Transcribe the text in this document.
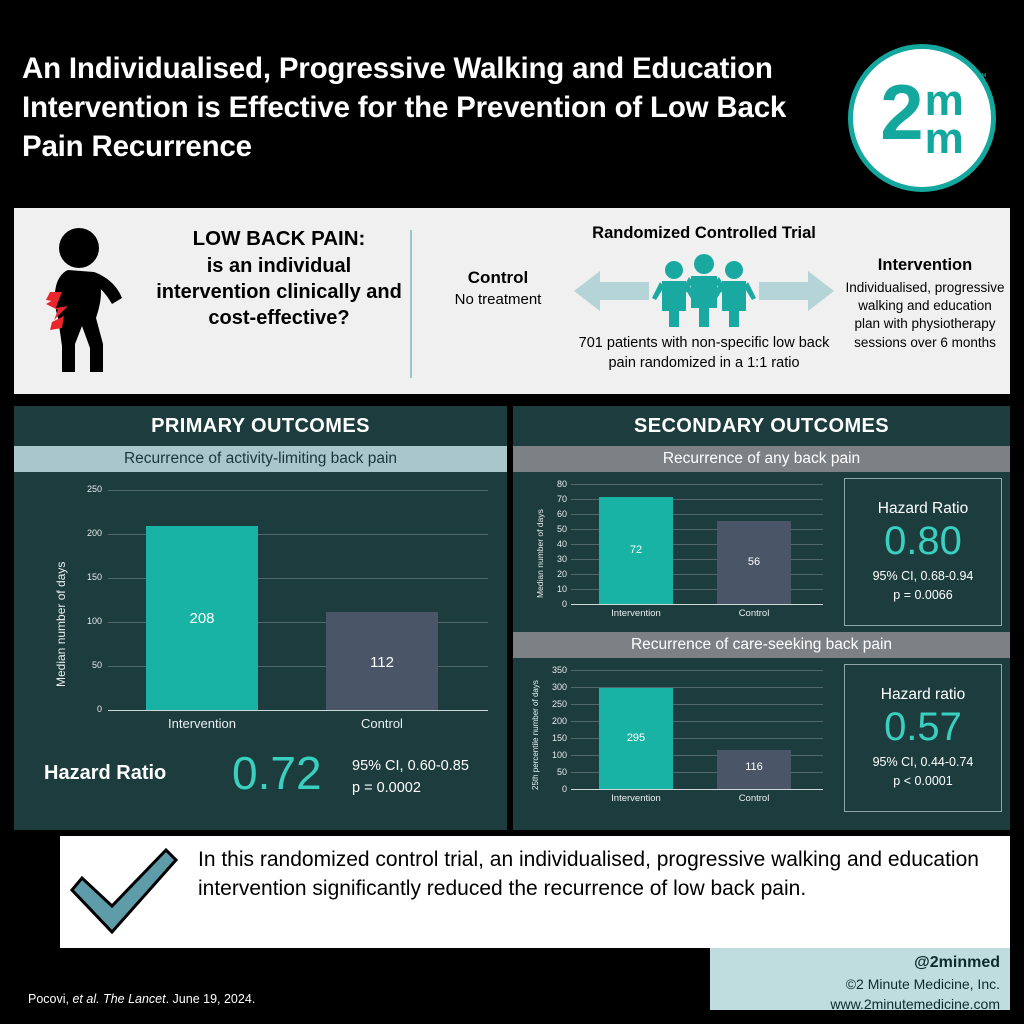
An Individualised, Progressive Walking and Education Intervention is Effective for the Prevention of Low Back Pain Recurrence	2 m
m
™
LOW BACK PAIN:
is an individual intervention clinically and cost-effective?
Randomized Controlled Trial
Control
No treatment
701 patients with non-specific low back pain randomized in a 1:1 ratio
Intervention
Individualised, progressive walking and education plan with physiotherapy sessions over 6 months
PRIMARY OUTCOMES
Recurrence of activity-limiting back pain
250
200
150
100
50
0
Median number of days	208
112
Intervention	Control
Hazard Ratio 0.72 95% CI, 0.60-0.85
p = 0.0002
SECONDARY OUTCOMES
Recurrence of any back pain
80
70
60
50
40
30
20
10
0
Median number of days	72
56
Intervention	Control
Hazard Ratio
0.80
95% CI, 0.68-0.94
p = 0.0066
Recurrence of care-seeking back pain
350
300
250
200
150
100
50
0
25th percentile number of days	295
116
Intervention	Control
Hazard ratio
0.57
95% CI, 0.44-0.74
p < 0.0001
In this randomized control trial, an individualised, progressive walking and education intervention significantly reduced the recurrence of low back pain.
Pocovi, et al. The Lancet. June 19, 2024.
@2minmed
©2 Minute Medicine, Inc.
www.2minutemedicine.com
